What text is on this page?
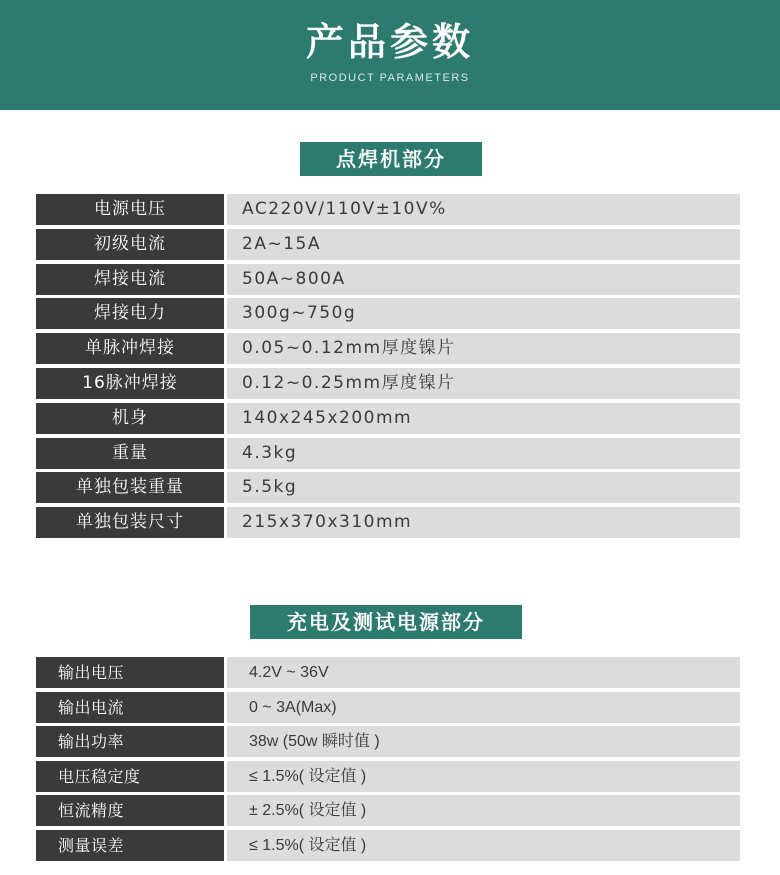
产品参数
PRODUCT PARAMETERS
点焊机部分
电源电压	AC220V/110V±10V%
初级电流	2A~15A
焊接电流	50A~800A
焊接电力	300g~750g
单脉冲焊接	0.05~0.12mm厚度镍片
16脉冲焊接	0.12~0.25mm厚度镍片
机身	140x245x200mm
重量	4.3kg
单独包装重量	5.5kg
单独包装尺寸	215x370x310mm
充电及测试电源部分
输出电压	4.2V ~ 36V
输出电流	0 ~ 3A(Max)
输出功率	38w (50w 瞬时值 )
电压稳定度	≤ 1.5%( 设定值 )
恒流精度	± 2.5%( 设定值 )
测量误差	≤ 1.5%( 设定值 )
